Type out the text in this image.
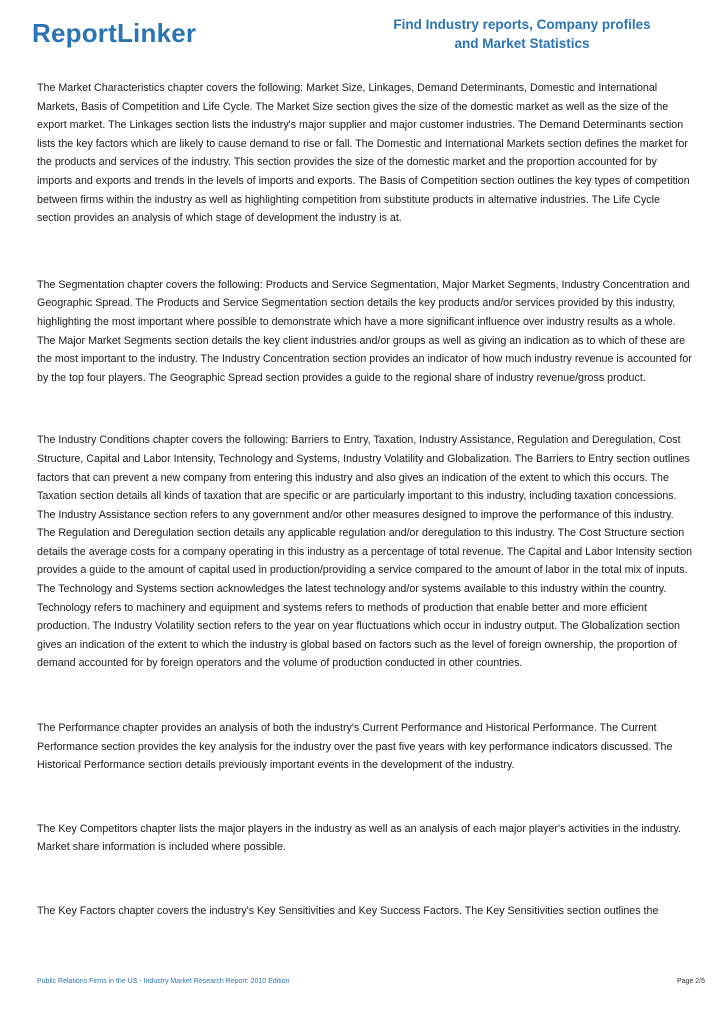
ReportLinker	Find Industry reports, Company profiles
and Market Statistics

The Market Characteristics chapter covers the following: Market Size, Linkages, Demand Determinants, Domestic and International Markets, Basis of Competition and Life Cycle. The Market Size section gives the size of the domestic market as well as the size of the export market. The Linkages section lists the industry's major supplier and major customer industries. The Demand Determinants section lists the key factors which are likely to cause demand to rise or fall. The Domestic and International Markets section defines the market for the products and services of the industry. This section provides the size of the domestic market and the proportion accounted for by imports and exports and trends in the levels of imports and exports. The Basis of Competition section outlines the key types of competition between firms within the industry as well as highlighting competition from substitute products in alternative industries. The Life Cycle section provides an analysis of which stage of development the industry is at.

The Segmentation chapter covers the following: Products and Service Segmentation, Major Market Segments, Industry Concentration and Geographic Spread. The Products and Service Segmentation section details the key products and/or services provided by this industry, highlighting the most important where possible to demonstrate which have a more significant influence over industry results as a whole. The Major Market Segments section details the key client industries and/or groups as well as giving an indication as to which of these are the most important to the industry. The Industry Concentration section provides an indicator of how much industry revenue is accounted for by the top four players. The Geographic Spread section provides a guide to the regional share of industry revenue/gross product.

The Industry Conditions chapter covers the following: Barriers to Entry, Taxation, Industry Assistance, Regulation and Deregulation, Cost Structure, Capital and Labor Intensity, Technology and Systems, Industry Volatility and Globalization. The Barriers to Entry section outlines factors that can prevent a new company from entering this industry and also gives an indication of the extent to which this occurs. The Taxation section details all kinds of taxation that are specific or are particularly important to this industry, including taxation concessions. The Industry Assistance section refers to any government and/or other measures designed to improve the performance of this industry. The Regulation and Deregulation section details any applicable regulation and/or deregulation to this industry. The Cost Structure section details the average costs for a company operating in this industry as a percentage of total revenue. The Capital and Labor Intensity section provides a guide to the amount of capital used in production/providing a service compared to the amount of labor in the total mix of inputs. The Technology and Systems section acknowledges the latest technology and/or systems available to this industry within the country. Technology refers to machinery and equipment and systems refers to methods of production that enable better and more efficient production. The Industry Volatility section refers to the year on year fluctuations which occur in industry output. The Globalization section gives an indication of the extent to which the industry is global based on factors such as the level of foreign ownership, the proportion of demand accounted for by foreign operators and the volume of production conducted in other countries.

The Performance chapter provides an analysis of both the industry's Current Performance and Historical Performance. The Current Performance section provides the key analysis for the industry over the past five years with key performance indicators discussed. The Historical Performance section details previously important events in the development of the industry.

The Key Competitors chapter lists the major players in the industry as well as an analysis of each major player's activities in the industry. Market share information is included where possible.

The Key Factors chapter covers the industry's Key Sensitivities and Key Success Factors. The Key Sensitivities section outlines the

Public Relations Firms in the US - Industry Market Research Report: 2010 Edition	Page 2/5
